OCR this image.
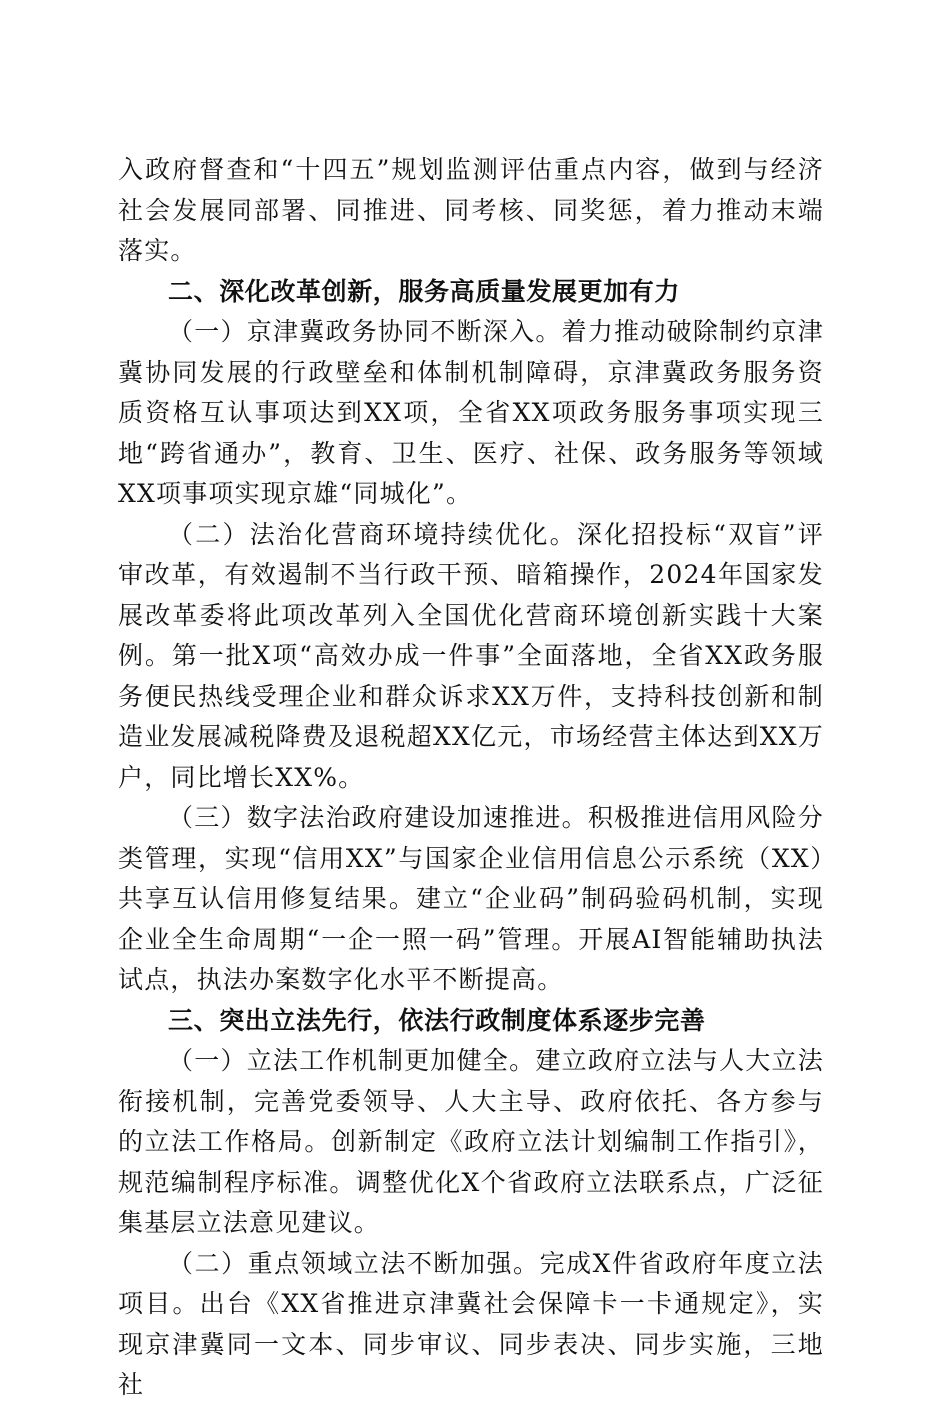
入政府督查和“十四五”规划监测评估重点内容，做到与经济社会发展同部署、同推进、同考核、同奖惩，着力推动末端落实。

二、深化改革创新，服务高质量发展更加有力

（一）京津冀政务协同不断深入。着力推动破除制约京津冀协同发展的行政壁垒和体制机制障碍，京津冀政务服务资质资格互认事项达到XX项，全省XX项政务服务事项实现三地“跨省通办”，教育、卫生、医疗、社保、政务服务等领域XX项事项实现京雄“同城化”。

（二）法治化营商环境持续优化。深化招投标“双盲”评审改革，有效遏制不当行政干预、暗箱操作，2024年国家发展改革委将此项改革列入全国优化营商环境创新实践十大案例。第一批X项“高效办成一件事”全面落地，全省XX政务服务便民热线受理企业和群众诉求XX万件，支持科技创新和制造业发展减税降费及退税超XX亿元，市场经营主体达到XX万户，同比增长XX%。

（三）数字法治政府建设加速推进。积极推进信用风险分类管理，实现“信用XX”与国家企业信用信息公示系统（XX）共享互认信用修复结果。建立“企业码”制码验码机制，实现企业全生命周期“一企一照一码”管理。开展AI智能辅助执法试点，执法办案数字化水平不断提高。

三、突出立法先行，依法行政制度体系逐步完善

（一）立法工作机制更加健全。建立政府立法与人大立法衔接机制，完善党委领导、人大主导、政府依托、各方参与的立法工作格局。创新制定《政府立法计划编制工作指引》，规范编制程序标准。调整优化X个省政府立法联系点，广泛征集基层立法意见建议。

（二）重点领域立法不断加强。完成X件省政府年度立法项目。出台《XX省推进京津冀社会保障卡一卡通规定》，实现京津冀同一文本、同步审议、同步表决、同步实施，三地社
